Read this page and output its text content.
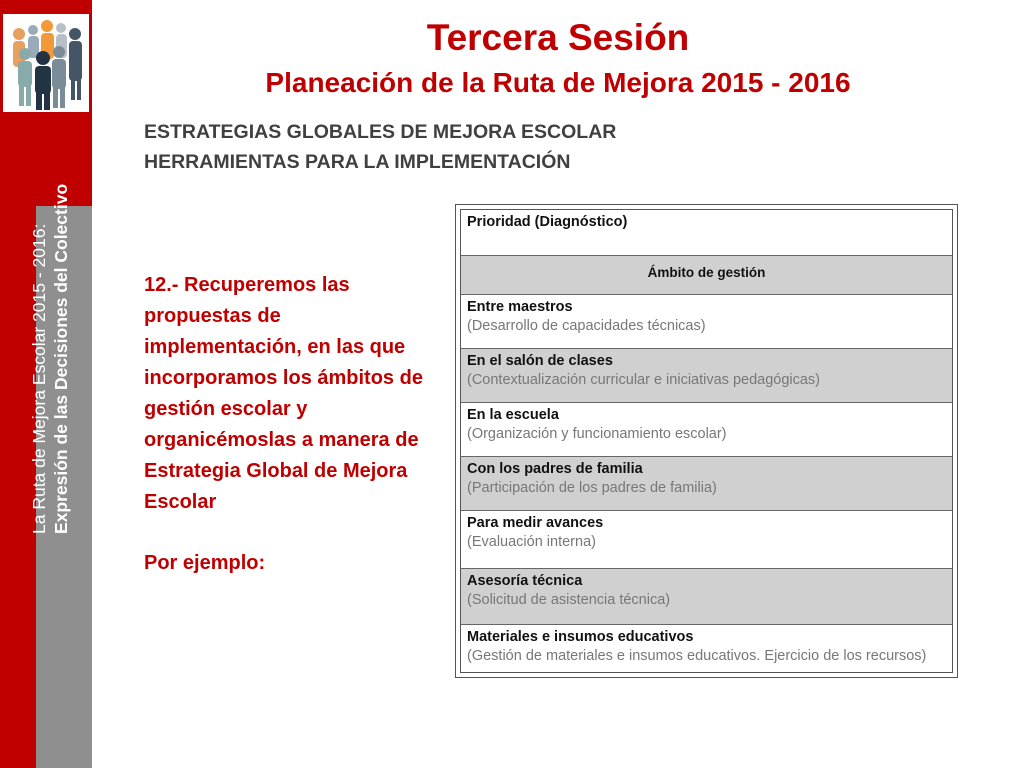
La Ruta de Mejora Escolar 2015 - 2016: Expresión de las Decisiones del Colectivo
Tercera Sesión
Planeación de la Ruta de Mejora 2015 - 2016
ESTRATEGIAS GLOBALES DE MEJORA ESCOLAR
HERRAMIENTAS PARA LA IMPLEMENTACIÓN
12.- Recuperemos las propuestas de implementación, en las que incorporamos los ámbitos de gestión escolar y organicémoslas a manera de Estrategia Global de Mejora Escolar
Por ejemplo:
Prioridad (Diagnóstico)
Ámbito de gestión
Entre maestros
(Desarrollo de capacidades técnicas)
En el salón de clases
(Contextualización curricular e iniciativas pedagógicas)
En la escuela
(Organización y funcionamiento escolar)
Con los padres de familia
(Participación de los padres de familia)
Para medir avances
(Evaluación interna)
Asesoría técnica
(Solicitud de asistencia técnica)
Materiales e insumos educativos
(Gestión de materiales e insumos educativos. Ejercicio de los recursos)
